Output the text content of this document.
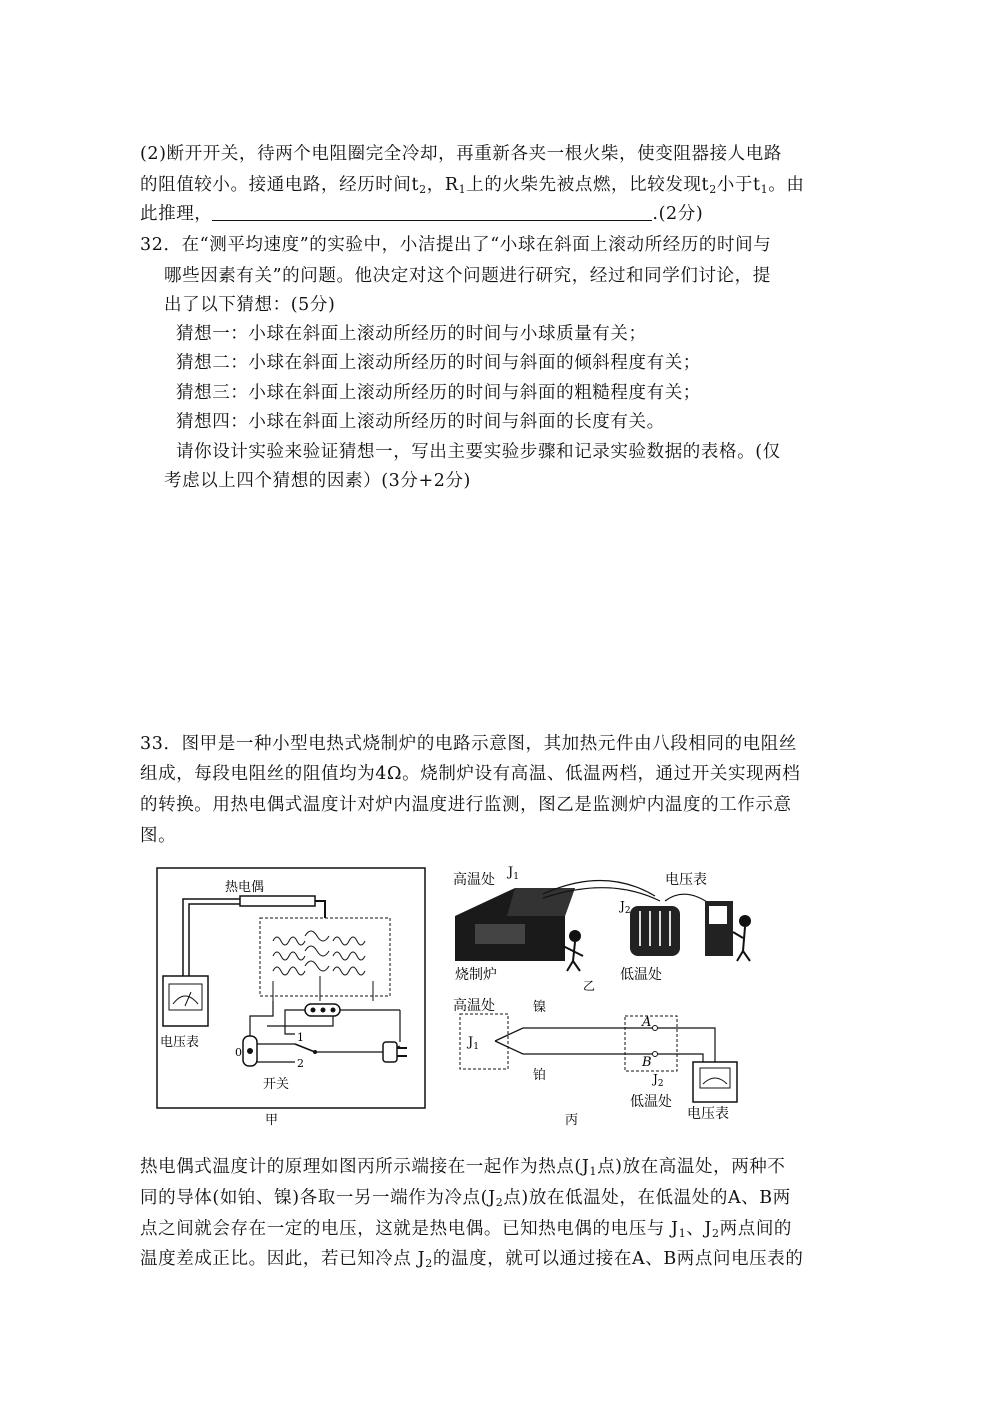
(2)断开开关，待两个电阻圈完全冷却，再重新各夹一根火柴，使变阻器接人电路
的阻值较小。接通电路，经历时间$t_2$，$R_1$上的火柴先被点燃，比较发现$t_2$小于$t_1$。由
此推理，	.(2分)
32．在“测平均速度”的实验中，小洁提出了“小球在斜面上滚动所经历的时间与
哪些因素有关”的问题。他决定对这个问题进行研究，经过和同学们讨论，提
出了以下猜想：(5分)
猜想一：小球在斜面上滚动所经历的时间与小球质量有关；
猜想二：小球在斜面上滚动所经历的时间与斜面的倾斜程度有关；
猜想三：小球在斜面上滚动所经历的时间与斜面的粗糙程度有关；
猜想四：小球在斜面上滚动所经历的时间与斜面的长度有关。
请你设计实验来验证猜想一，写出主要实验步骤和记录实验数据的表格。(仅
考虑以上四个猜想的因素）(3分+2分)
33．图甲是一种小型电热式烧制炉的电路示意图，其加热元件由八段相同的电阻丝
组成，每段电阻丝的阻值均为4Ω。烧制炉设有高温、低温两档，通过开关实现两档
的转换。用热电偶式温度计对炉内温度进行监测，图乙是监测炉内温度的工作示意
图。
热电偶
电压表
开关
0
1
2
甲
高温处 $J_1$	电压表
$J_2$
烧制炉	低温处
乙
高温处	镍
铂
$J_1$
A
B
$J_2$
低温处
电压表
丙
热电偶式温度计的原理如图丙所示端接在一起作为热点($J_1$点)放在高温处，两种不
同的导体(如铂、镍)各取一另一端作为冷点($J_2$点)放在低温处，在低温处的A、B两
点之间就会存在一定的电压，这就是热电偶。已知热电偶的电压与 $J_1$、$J_2$两点间的
温度差成正比。因此，若已知冷点 $J_2$的温度，就可以通过接在A、B两点问电压表的
